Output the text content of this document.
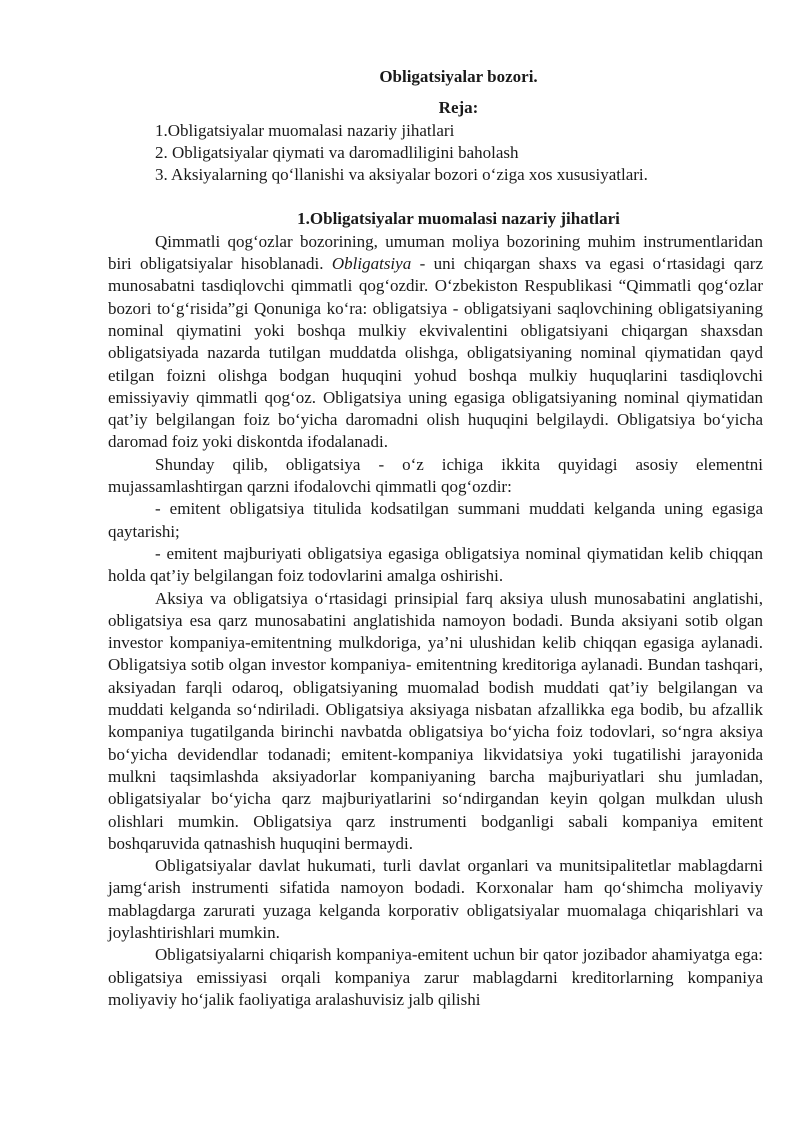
Obligatsiyalar bozori.

Reja:

1.Obligatsiyalar muomalasi nazariy jihatlari
2. Obligatsiyalar qiymati va daromadliligini baholash
3. Aksiyalarning qo‘llanishi va aksiyalar bozori o‘ziga xos xususiyatlari.

1.Obligatsiyalar muomalasi nazariy jihatlari

Qimmatli qog‘ozlar bozorining, umuman moliya bozorining muhim instrumentlaridan biri obligatsiyalar hisoblanadi. Obligatsiya - uni chiqargan shaxs va egasi o‘rtasidagi qarz munosabatni tasdiqlovchi qimmatli qog‘ozdir. O‘zbekiston Respublikasi “Qimmatli qog‘ozlar bozori to‘g‘risida”gi Qonuniga ko‘ra: obligatsiya - obligatsiyani saqlovchining obligatsiyaning nominal qiymatini yoki boshqa mulkiy ekvivalentini obligatsiyani chiqargan shaxsdan obligatsiyada nazarda tutilgan muddatda olishga, obligatsiyaning nominal qiymatidan qayd etilgan foizni olishga bodgan huquqini yohud boshqa mulkiy huquqlarini tasdiqlovchi emissiyaviy qimmatli qog‘oz. Obligatsiya uning egasiga obligatsiyaning nominal qiymatidan qat’iy belgilangan foiz bo‘yicha daromadni olish huquqini belgilaydi. Obligatsiya bo‘yicha daromad foiz yoki diskontda ifodalanadi.

Shunday qilib, obligatsiya - o‘z ichiga ikkita quyidagi asosiy elementni mujassamlashtirgan qarzni ifodalovchi qimmatli qog‘ozdir:

- emitent obligatsiya titulida kodsatilgan summani muddati kelganda uning egasiga qaytarishi;

- emitent majburiyati obligatsiya egasiga obligatsiya nominal qiymatidan kelib chiqqan holda qat’iy belgilangan foiz todovlarini amalga oshirishi.

Aksiya va obligatsiya o‘rtasidagi prinsipial farq aksiya ulush munosabatini anglatishi, obligatsiya esa qarz munosabatini anglatishida namoyon bodadi. Bunda aksiyani sotib olgan investor kompaniya-emitentning mulkdoriga, ya’ni ulushidan kelib chiqqan egasiga aylanadi. Obligatsiya sotib olgan investor kompaniya- emitentning kreditoriga aylanadi. Bundan tashqari, aksiyadan farqli odaroq, obligatsiyaning muomalad bodish muddati qat’iy belgilangan va muddati kelganda so‘ndiriladi. Obligatsiya aksiyaga nisbatan afzallikka ega bodib, bu afzallik kompaniya tugatilganda birinchi navbatda obligatsiya bo‘yicha foiz todovlari, so‘ngra aksiya bo‘yicha devidendlar todanadi; emitent-kompaniya likvidatsiya yoki tugatilishi jarayonida mulkni taqsimlashda aksiyadorlar kompaniyaning barcha majburiyatlari shu jumladan, obligatsiyalar bo‘yicha qarz majburiyatlarini so‘ndirgandan keyin qolgan mulkdan ulush olishlari mumkin. Obligatsiya qarz instrumenti bodganligi sabali kompaniya emitent boshqaruvida qatnashish huquqini bermaydi.

Obligatsiyalar davlat hukumati, turli davlat organlari va munitsipalitetlar mablagdarni jamg‘arish instrumenti sifatida namoyon bodadi. Korxonalar ham qo‘shimcha moliyaviy mablagdarga zarurati yuzaga kelganda korporativ obligatsiyalar muomalaga chiqarishlari va joylashtirishlari mumkin.

Obligatsiyalarni chiqarish kompaniya-emitent uchun bir qator jozibador ahamiyatga ega: obligatsiya emissiyasi orqali kompaniya zarur mablagdarni kreditorlarning kompaniya moliyaviy ho‘jalik faoliyatiga aralashuvisiz jalb qilishi
